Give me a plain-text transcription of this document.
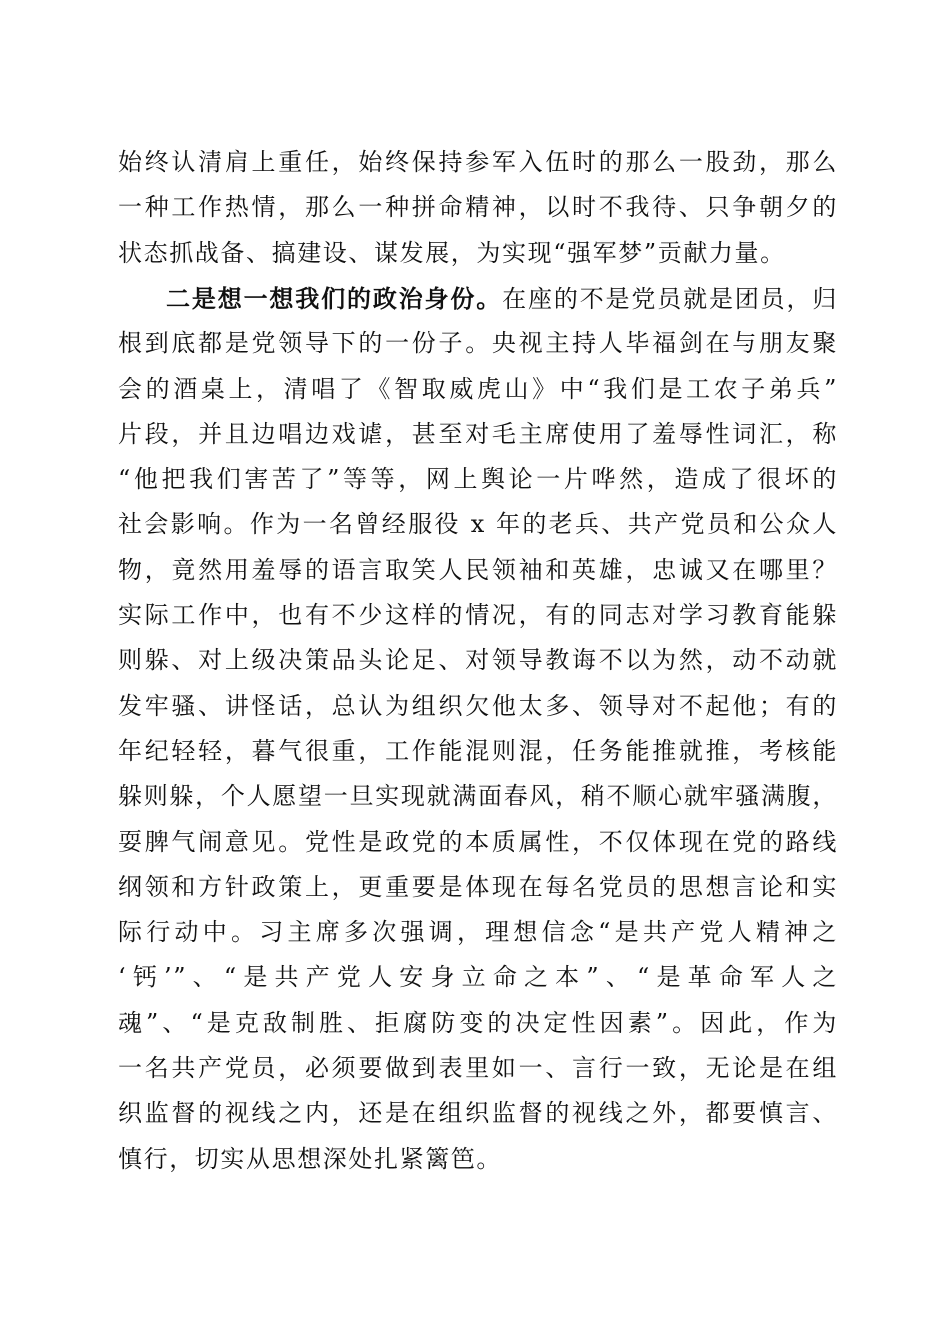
始终认清肩上重任，始终保持参军入伍时的那么一股劲，那么
一种工作热情，那么一种拼命精神，以时不我待、只争朝夕的
状态抓战备、搞建设、谋发展，为实现“强军梦”贡献力量。
二是想一想我们的政治身份。在座的不是党员就是团员，归
根到底都是党领导下的一份子。央视主持人毕福剑在与朋友聚
会的酒桌上，清唱了《智取威虎山》中“我们是工农子弟兵”
片段，并且边唱边戏谑，甚至对毛主席使用了羞辱性词汇，称
“他把我们害苦了”等等，网上舆论一片哗然，造成了很坏的
社会影响。作为一名曾经服役 x 年的老兵、共产党员和公众人
物，竟然用羞辱的语言取笑人民领袖和英雄，忠诚又在哪里？
实际工作中，也有不少这样的情况，有的同志对学习教育能躲
则躲、对上级决策品头论足、对领导教诲不以为然，动不动就
发牢骚、讲怪话，总认为组织欠他太多、领导对不起他；有的
年纪轻轻，暮气很重，工作能混则混，任务能推就推，考核能
躲则躲，个人愿望一旦实现就满面春风，稍不顺心就牢骚满腹，
耍脾气闹意见。党性是政党的本质属性，不仅体现在党的路线
纲领和方针政策上，更重要是体现在每名党员的思想言论和实
际行动中。习主席多次强调，理想信念“是共产党人精神之
‘钙’”、“是共产党人安身立命之本”、“是革命军人之
魂”、“是克敌制胜、拒腐防变的决定性因素”。因此，作为
一名共产党员，必须要做到表里如一、言行一致，无论是在组
织监督的视线之内，还是在组织监督的视线之外，都要慎言、
慎行，切实从思想深处扎紧篱笆。
